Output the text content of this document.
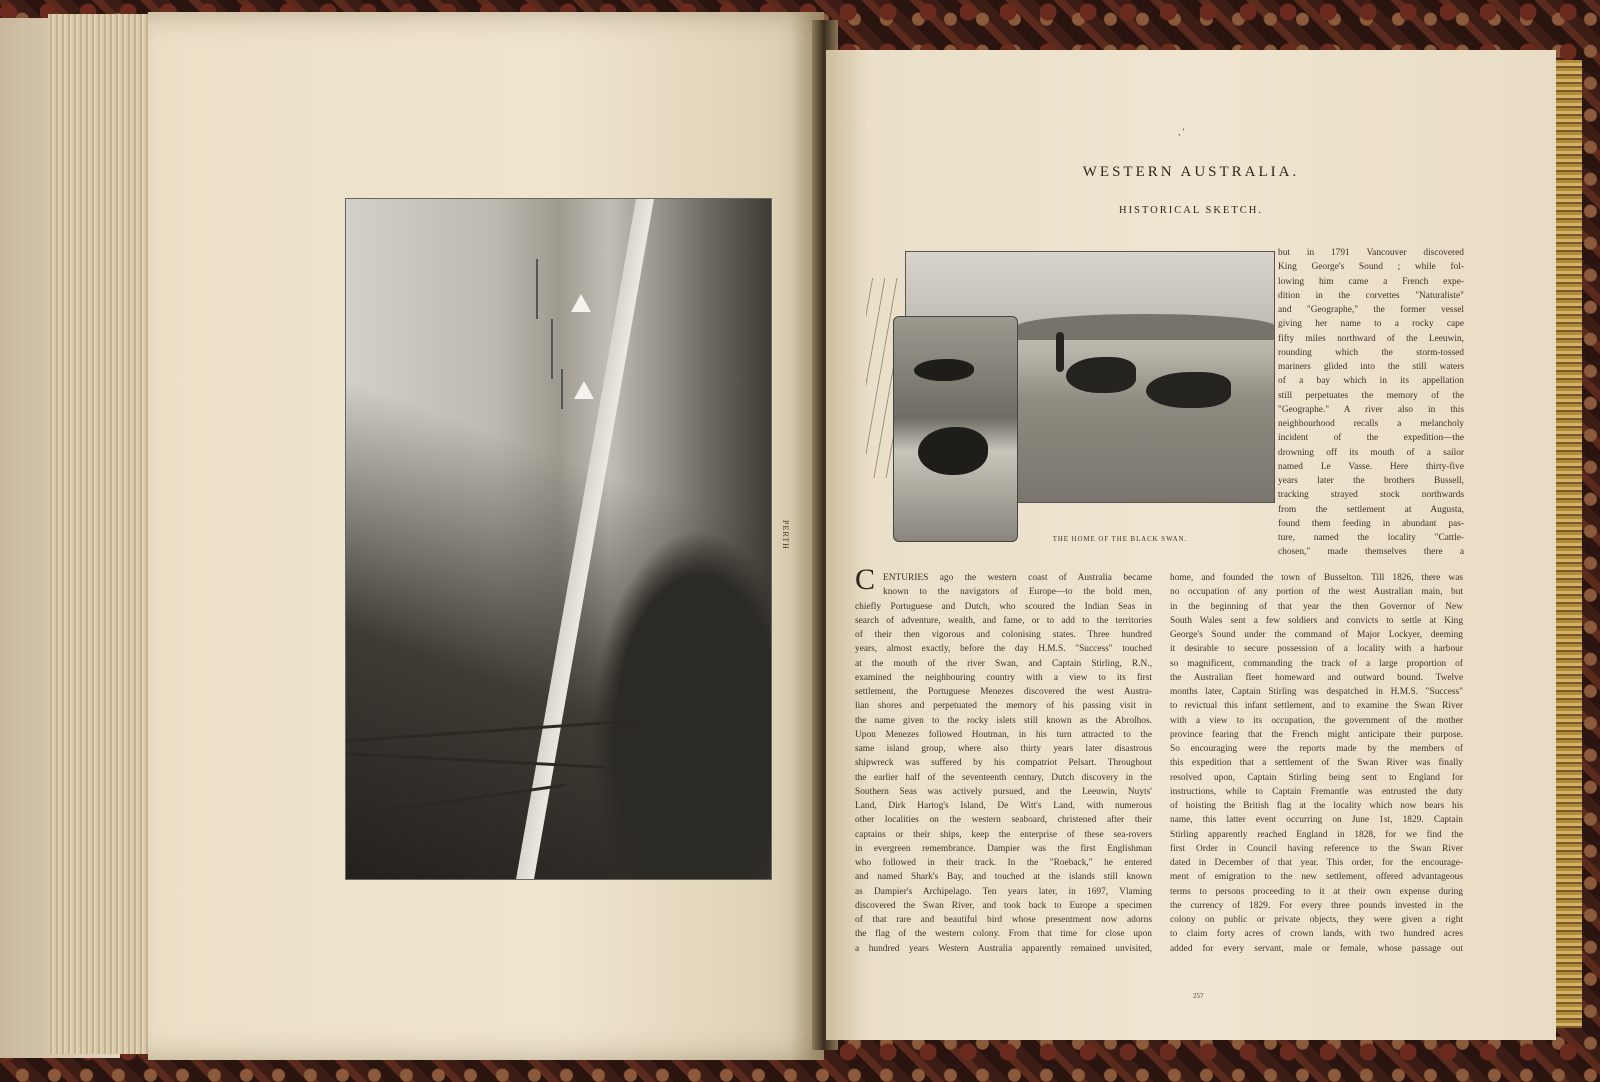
PERTH
, '
WESTERN AUSTRALIA.
HISTORICAL SKETCH.
THE HOME OF THE BLACK SWAN.
but in 1791 Vancouver discovered
King George's Sound ; while fol-
lowing him came a French expe-
dition in the corvettes "Naturaliste"
and "Geographe," the former vessel
giving her name to a rocky cape
fifty miles northward of the Leeuwin,
rounding which the storm-tossed
mariners glided into the still waters
of a bay which in its appellation
still perpetuates the memory of the
"Geographe." A river also in this
neighbourhood recalls a melancholy
incident of the expedition—the
drowning off its mouth of a sailor
named Le Vasse. Here thirty-five
years later the brothers Bussell,
tracking strayed stock northwards
from the settlement at Augusta,
found them feeding in abundant pas-
ture, named the locality "Cattle-
chosen," made themselves there a
C ENTURIES ago the western coast of Australia became
known to the navigators of Europe—to the bold men,
chiefly Portuguese and Dutch, who scoured the Indian Seas in
search of adventure, wealth, and fame, or to add to the territories
of their then vigorous and colonising states. Three hundred
years, almost exactly, before the day H.M.S. "Success" touched
at the mouth of the river Swan, and Captain Stirling, R.N.,
examined the neighbouring country with a view to its first
settlement, the Portuguese Menezes discovered the west Austra-
lian shores and perpetuated the memory of his passing visit in
the name given to the rocky islets still known as the Abrolhos.
Upon Menezes followed Houtman, in his turn attracted to the
same island group, where also thirty years later disastrous
shipwreck was suffered by his compatriot Pelsart. Throughout
the earlier half of the seventeenth century, Dutch discovery in the
Southern Seas was actively pursued, and the Leeuwin, Nuyts'
Land, Dirk Hartog's Island, De Witt's Land, with numerous
other localities on the western seaboard, christened after their
captains or their ships, keep the enterprise of these sea-rovers
in evergreen remembrance. Dampier was the first Englishman
who followed in their track. In the "Roeback," he entered
and named Shark's Bay, and touched at the islands still known
as Dampier's Archipelago. Ten years later, in 1697, Vlaming
discovered the Swan River, and took back to Europe a specimen
of that rare and beautiful bird whose presentment now adorns
the flag of the western colony. From that time for close upon
a hundred years Western Australia apparently remained unvisited,
home, and founded the town of Busselton. Till 1826, there was
no occupation of any portion of the west Australian main, but
in the beginning of that year the then Governor of New
South Wales sent a few soldiers and convicts to settle at King
George's Sound under the command of Major Lockyer, deeming
it desirable to secure possession of a locality with a harbour
so magnificent, commanding the track of a large proportion of
the Australian fleet homeward and outward bound. Twelve
months later, Captain Stirling was despatched in H.M.S. "Success"
to revictual this infant settlement, and to examine the Swan River
with a view to its occupation, the government of the mother
province fearing that the French might anticipate their purpose.
So encouraging were the reports made by the members of
this expedition that a settlement of the Swan River was finally
resolved upon, Captain Stirling being sent to England for
instructions, while to Captain Fremantle was entrusted the duty
of hoisting the British flag at the locality which now bears his
name, this latter event occurring on June 1st, 1829. Captain
Stirling apparently reached England in 1828, for we find the
first Order in Council having reference to the Swan River
dated in December of that year. This order, for the encourage-
ment of emigration to the new settlement, offered advantageous
terms to persons proceeding to it at their own expense during
the currency of 1829. For every three pounds invested in the
colony on public or private objects, they were given a right
to claim forty acres of crown lands, with two hundred acres
added for every servant, male or female, whose passage out
257
